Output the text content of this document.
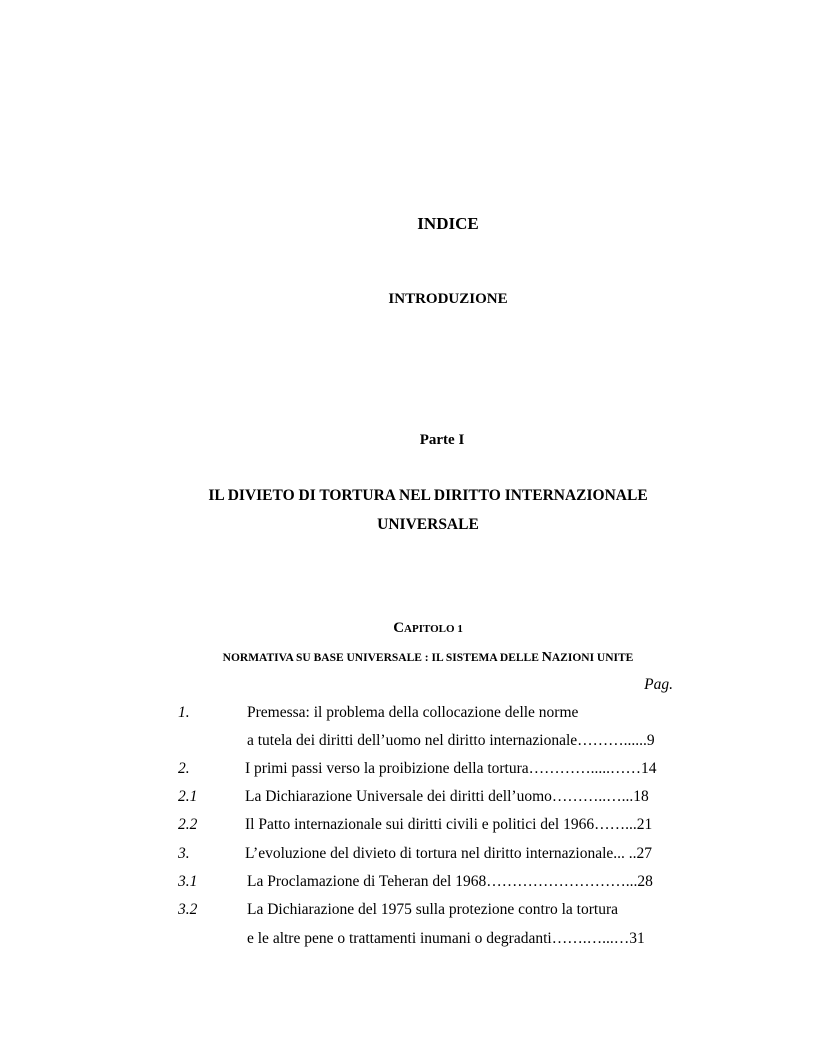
INDICE
INTRODUZIONE
Parte I
IL DIVIETO DI TORTURA NEL DIRITTO INTERNAZIONALE
UNIVERSALE
CAPITOLO 1
NORMATIVA SU BASE UNIVERSALE : IL SISTEMA DELLE NAZIONI UNITE
Pag.
1.	Premessa: il problema della collocazione delle norme
a tutela dei diritti dell’uomo nel diritto internazionale………......9
2.	I primi passi verso la proibizione della tortura………….....……14
2.1	La Dichiarazione Universale dei diritti dell’uomo………..…...18
2.2	Il Patto internazionale sui diritti civili e politici del 1966……...21
3.	L’evoluzione del divieto di tortura nel diritto internazionale... ..27
3.1	La Proclamazione di Teheran del 1968………………………...28
3.2	La Dichiarazione del 1975 sulla protezione contro la tortura
e le altre pene o trattamenti inumani o degradanti…….…...…31
